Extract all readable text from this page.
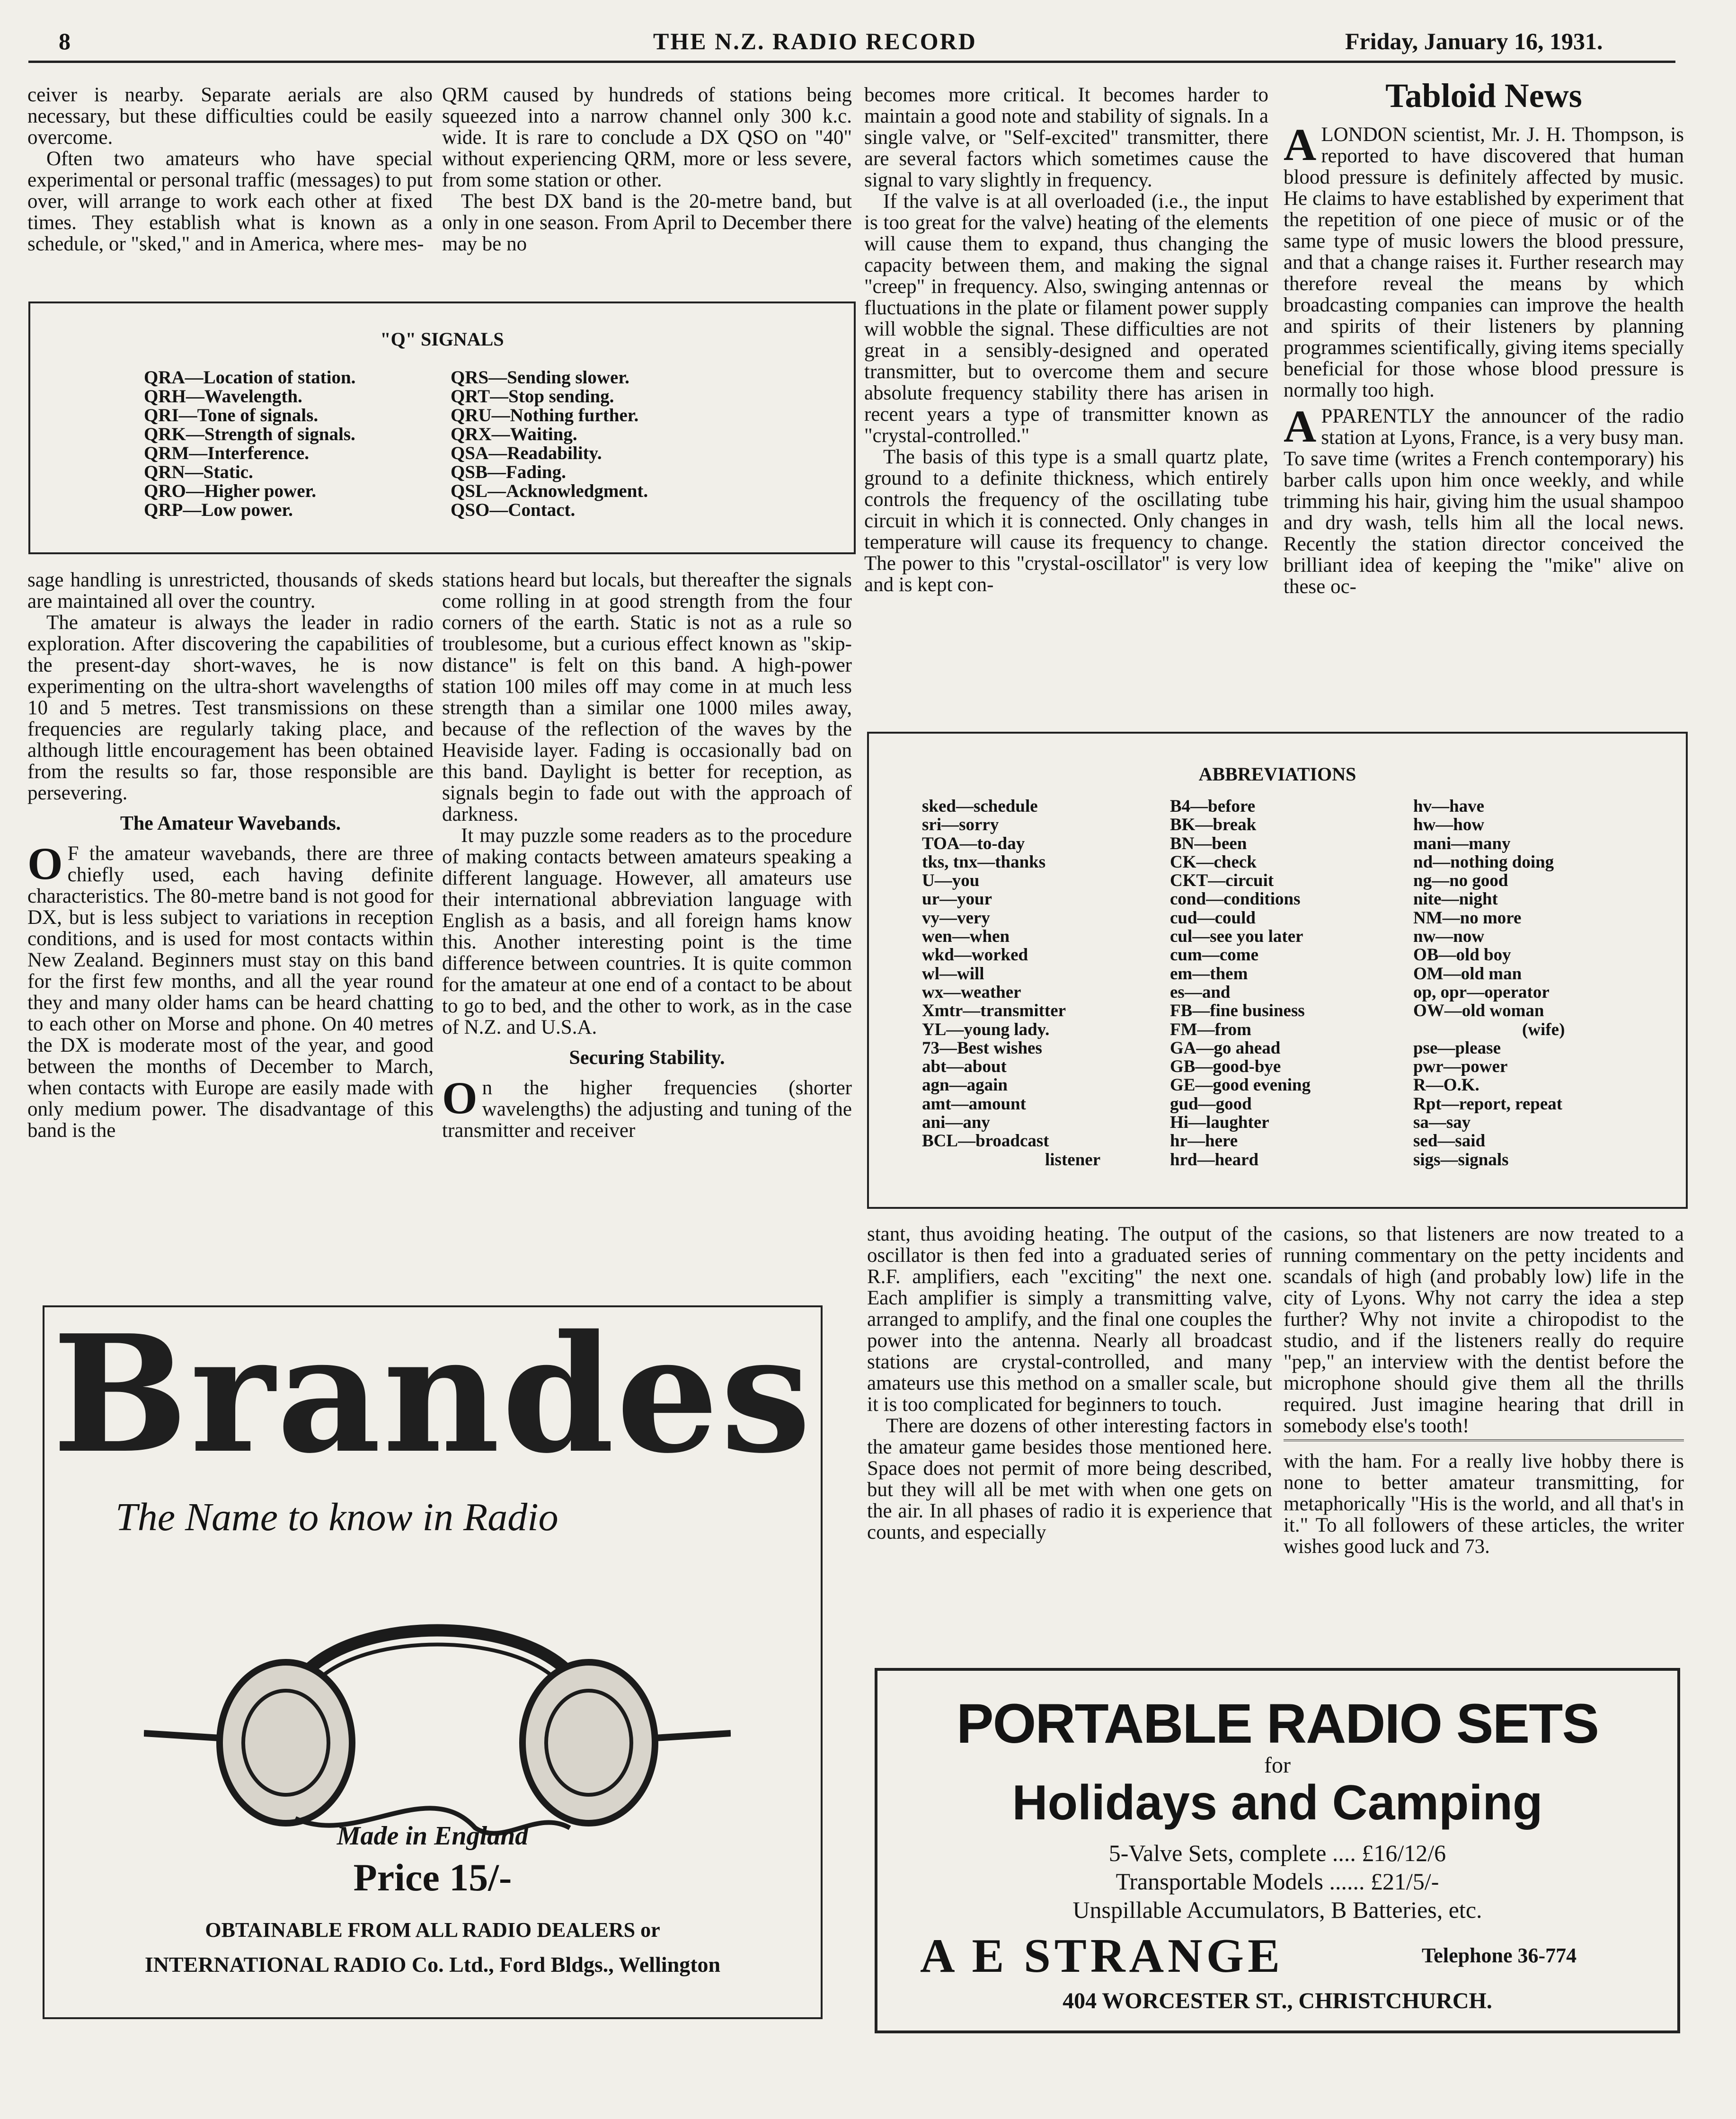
8	THE N.Z. RADIO RECORD	Friday, January 16, 1931.

ceiver is nearby. Separate aerials are also necessary, but these difficulties could be easily overcome.

Often two amateurs who have special experimental or personal traffic (messages) to put over, will arrange to work each other at fixed times. They establish what is known as a schedule, or "sked," and in America, where mes-

QRM caused by hundreds of stations being squeezed into a narrow channel only 300 k.c. wide. It is rare to conclude a DX QSO on "40" without experiencing QRM, more or less severe, from some station or other.

The best DX band is the 20-metre band, but only in one season. From April to December there may be no

"Q" SIGNALS
QRA—Location of station.
QRH—Wavelength.
QRI—Tone of signals.
QRK—Strength of signals.
QRM—Interference.
QRN—Static.
QRO—Higher power.
QRP—Low power.
QRS—Sending slower.
QRT—Stop sending.
QRU—Nothing further.
QRX—Waiting.
QSA—Readability.
QSB—Fading.
QSL—Acknowledgment.
QSO—Contact.

sage handling is unrestricted, thousands of skeds are maintained all over the country.

The amateur is always the leader in radio exploration. After discovering the capabilities of the present-day short-waves, he is now experimenting on the ultra-short wavelengths of 10 and 5 metres. Test transmissions on these frequencies are regularly taking place, and although little encouragement has been obtained from the results so far, those responsible are persevering.

The Amateur Wavebands.

O F the amateur wavebands, there are three chiefly used, each having definite characteristics. The 80-metre band is not good for DX, but is less subject to variations in reception conditions, and is used for most contacts within New Zealand. Beginners must stay on this band for the first few months, and all the year round they and many older hams can be heard chatting to each other on Morse and phone. On 40 metres the DX is moderate most of the year, and good between the months of December to March, when contacts with Europe are easily made with only medium power. The disadvantage of this band is the

stations heard but locals, but thereafter the signals come rolling in at good strength from the four corners of the earth. Static is not as a rule so troublesome, but a curious effect known as "skip-distance" is felt on this band. A high-power station 100 miles off may come in at much less strength than a similar one 1000 miles away, because of the reflection of the waves by the Heaviside layer. Fading is occasionally bad on this band. Daylight is better for reception, as signals begin to fade out with the approach of darkness.

It may puzzle some readers as to the procedure of making contacts between amateurs speaking a different language. However, all amateurs use their international abbreviation language with English as a basis, and all foreign hams know this. Another interesting point is the time difference between countries. It is quite common for the amateur at one end of a contact to be about to go to bed, and the other to work, as in the case of N.Z. and U.S.A.

Securing Stability.

On the higher frequencies (shorter wavelengths) the adjusting and tuning of the transmitter and receiver

becomes more critical. It becomes harder to maintain a good note and stability of signals. In a single valve, or "Self-excited" transmitter, there are several factors which sometimes cause the signal to vary slightly in frequency.

If the valve is at all overloaded (i.e., the input is too great for the valve) heating of the elements will cause them to expand, thus changing the capacity between them, and making the signal "creep" in frequency. Also, swinging antennas or fluctuations in the plate or filament power supply will wobble the signal. These difficulties are not great in a sensibly-designed and operated transmitter, but to overcome them and secure absolute frequency stability there has arisen in recent years a type of transmitter known as "crystal-controlled."

The basis of this type is a small quartz plate, ground to a definite thickness, which entirely controls the frequency of the oscillating tube circuit in which it is connected. Only changes in temperature will cause its frequency to change. The power to this "crystal-oscillator" is very low and is kept con-

Tabloid News

ALONDON scientist, Mr. J. H. Thompson, is reported to have discovered that human blood pressure is definitely affected by music. He claims to have established by experiment that the repetition of one piece of music or of the same type of music lowers the blood pressure, and that a change raises it. Further research may therefore reveal the means by which broadcasting companies can improve the health and spirits of their listeners by planning programmes scientifically, giving items specially beneficial for those whose blood pressure is normally too high.

APPARENTLY the announcer of the radio station at Lyons, France, is a very busy man. To save time (writes a French contemporary) his barber calls upon him once weekly, and while trimming his hair, giving him the usual shampoo and dry wash, tells him all the local news. Recently the station director conceived the brilliant idea of keeping the "mike" alive on these oc-

ABBREVIATIONS
sked—schedule
sri—sorry
TOA—to-day
tks, tnx—thanks
U—you
ur—your
vy—very
wen—when
wkd—worked
wl—will
wx—weather
Xmtr—transmitter
YL—young lady.
73—Best wishes
abt—about
agn—again
amt—amount
ani—any
BCL—broadcast
listener
B4—before
BK—break
BN—been
CK—check
CKT—circuit
cond—conditions
cud—could
cul—see you later
cum—come
em—them
es—and
FB—fine business
FM—from
GA—go ahead
GB—good-bye
GE—good evening
gud—good
Hi—laughter
hr—here
hrd—heard
hv—have
hw—how
mani—many
nd—nothing doing
ng—no good
nite—night
NM—no more
nw—now
OB—old boy
OM—old man
op, opr—operator
OW—old woman
(wife)
pse—please
pwr—power
R—O.K.
Rpt—report, repeat
sa—say
sed—said
sigs—signals

stant, thus avoiding heating. The output of the oscillator is then fed into a graduated series of R.F. amplifiers, each "exciting" the next one. Each amplifier is simply a transmitting valve, arranged to amplify, and the final one couples the power into the antenna. Nearly all broadcast stations are crystal-controlled, and many amateurs use this method on a smaller scale, but it is too complicated for beginners to touch.

There are dozens of other interesting factors in the amateur game besides those mentioned here. Space does not permit of more being described, but they will all be met with when one gets on the air. In all phases of radio it is experience that counts, and especially

casions, so that listeners are now treated to a running commentary on the petty incidents and scandals of high (and probably low) life in the city of Lyons. Why not carry the idea a step further? Why not invite a chiropodist to the studio, and if the listeners really do require "pep," an interview with the dentist before the microphone should give them all the thrills required. Just imagine hearing that drill in somebody else's tooth!

with the ham. For a really live hobby there is none to better amateur transmitting, for metaphorically "His is the world, and all that's in it." To all followers of these articles, the writer wishes good luck and 73.

Brandes
The Name to know in Radio
Made in England
Price 15/-
OBTAINABLE FROM ALL RADIO DEALERS or
INTERNATIONAL RADIO Co. Ltd., Ford Bldgs., Wellington
PORTABLE RADIO SETS
for
Holidays and Camping
5-Valve Sets, complete .... £16/12/6
Transportable Models ...... £21/5/-
Unspillable Accumulators, B Batteries, etc.
A E STRANGE	Telephone 36-774
404 WORCESTER ST., CHRISTCHURCH.
